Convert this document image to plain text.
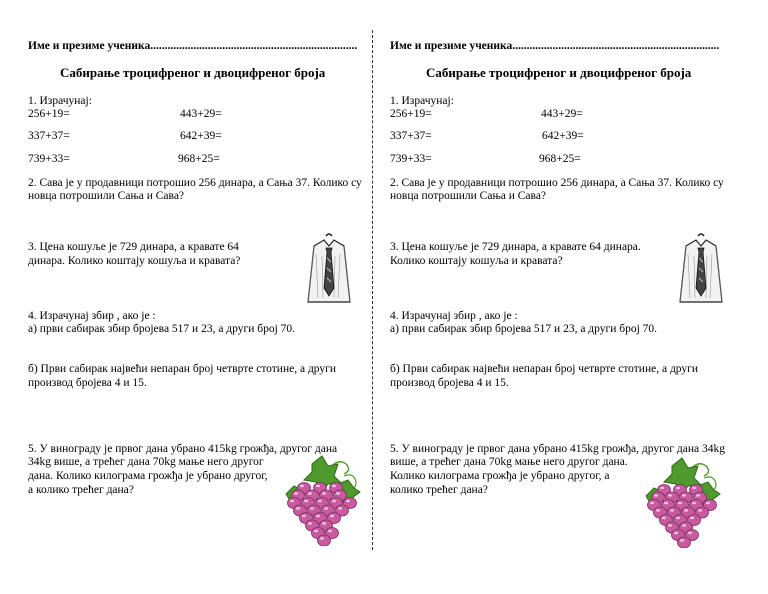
Име и презиме ученика........................................................................
Сабирање троцифреног и двоцифреног броја
1. Израчунај:
256+19=	443+29=
337+37=	642+39=
739+33=	968+25=
2. Сава је у продавници потрошио 256 динара, а Сања 37. Колико су
новца потрошили Сања и Сава?
3. Цена кошуље је 729 динара, а кравате 64
динара. Колико коштају кошуља и кравата?
4. Израчунај збир , ако је :
а) први сабирак збир бројева 517 и 23, а други број 70.
б) Први сабирак највећи непаран број четврте стотине, а други
производ бројева 4 и 15.
5. У винограду је првог дана убрано 415kg грожђа, другог дана
34kg више, а трећег дана 70kg мање него другог
дана. Колико килограма грожђа је убрано другог,
а колико трећег дана?
Име и презиме ученика........................................................................
Сабирање троцифреног и двоцифреног броја
1. Израчунај:
256+19=	443+29=
337+37=	642+39=
739+33=	968+25=
2. Сава је у продавници потрошио 256 динара, а Сања 37. Колико су
новца потрошили Сања и Сава?
3. Цена кошуље је 729 динара, а кравате 64 динара.
Колико коштају кошуља и кравата?
4. Израчунај збир , ако је :
а) први сабирак збир бројева 517 и 23, а други број 70.
б) Први сабирак највећи непаран број четврте стотине, а други
производ бројева 4 и 15.
5. У винограду је првог дана убрано 415kg грожђа, другог дана 34kg
више, а трећег дана 70kg мање него другог дана.
Колико килограма грожђа је убрано другог, а
колико трећег дана?
